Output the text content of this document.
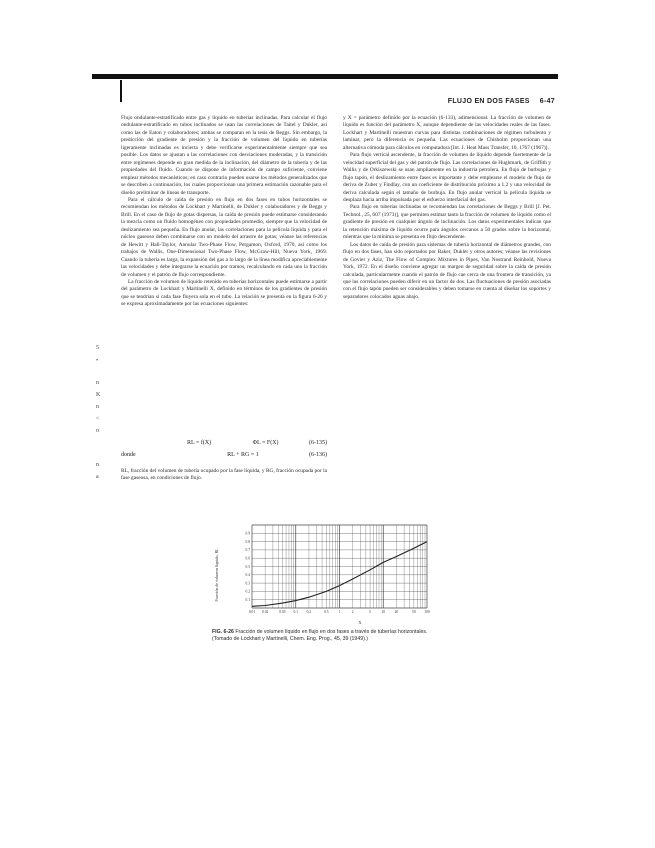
FLUJO EN DOS FASES 6-47

Flujo ondulante-estratificado entre gas y líquido en tuberías inclinadas. Para calcular el flujo ondulante-estratificado en tubos inclinados se usan las correlaciones de Taitel y Dukler, así como las de Eaton y colaboradores; ambas se comparan en la tesis de Beggs. Sin embargo, la predicción del gradiente de presión y la fracción de volumen del líquido en tuberías ligeramente inclinadas es incierta y debe verificarse experimentalmente siempre que sea posible. Los datos se ajustan a las correlaciones con desviaciones moderadas, y la transición entre regímenes depende en gran medida de la inclinación, del diámetro de la tubería y de las propiedades del fluido. Cuando se dispone de información de campo suficiente, conviene emplear métodos mecanísticos; en caso contrario pueden usarse los métodos generalizados que se describen a continuación, los cuales proporcionan una primera estimación razonable para el diseño preliminar de líneas de transporte.

Para el cálculo de caída de presión en flujo en dos fases en tubos horizontales se recomiendan los métodos de Lockhart y Martinelli, de Dukler y colaboradores y de Beggs y Brill. En el caso de flujo de gotas dispersas, la caída de presión puede estimarse considerando la mezcla como un fluido homogéneo con propiedades promedio, siempre que la velocidad de deslizamiento sea pequeña. En flujo anular, las correlaciones para la película líquida y para el núcleo gaseoso deben combinarse con un modelo del arrastre de gotas; véanse las referencias de Hewitt y Hall-Taylor, Annular Two-Phase Flow, Pergamon, Oxford, 1970, así como los trabajos de Wallis, One-Dimensional Two-Phase Flow, McGraw-Hill, Nueva York, 1969. Cuando la tubería es larga, la expansión del gas a lo largo de la línea modifica apreciablemente las velocidades y debe integrarse la ecuación por tramos, recalculando en cada uno la fracción de volumen y el patrón de flujo correspondiente.

La fracción de volumen de líquido retenido en tuberías horizontales puede estimarse a partir del parámetro de Lockhart y Martinelli X, definido en términos de los gradientes de presión que se tendrían si cada fase fluyera sola en el tubo. La relación se presenta en la figura 6-26 y se expresa aproximadamente por las ecuaciones siguientes:

RL = f(X)	ΦL = F(X)	(6-135)
donde	RL + RG = 1	(6-136)

RL, fracción del volumen de tubería ocupado por la fase líquida, y RG, fracción ocupada por la fase gaseosa, en condiciones de flujo.

y X = parámetro definido por la ecuación (6-133), adimensional. La fracción de volumen de líquido es función del parámetro X, aunque dependiente de las velocidades reales de las fases. Lockhart y Martinelli muestran curvas para distintas combinaciones de régimen turbulento y laminar, pero la diferencia es pequeña. Las ecuaciones de Chisholm proporcionan una alternativa cómoda para cálculos en computadora [Int. J. Heat Mass Transfer, 10, 1767 (1967)].

Para flujo vertical ascendente, la fracción de volumen de líquido depende fuertemente de la velocidad superficial del gas y del patrón de flujo. Las correlaciones de Hughmark, de Griffith y Wallis y de Orkiszewski se usan ampliamente en la industria petrolera. En flujo de burbujas y flujo tapón, el deslizamiento entre fases es importante y debe emplearse el modelo de flujo de deriva de Zuber y Findlay, con un coeficiente de distribución próximo a 1.2 y una velocidad de deriva calculada según el tamaño de burbuja. En flujo anular vertical la película líquida se desplaza hacia arriba impulsada por el esfuerzo interfacial del gas.

Para flujo en tuberías inclinadas se recomiendan las correlaciones de Beggs y Brill [J. Pet. Technol., 25, 607 (1973)], que permiten estimar tanto la fracción de volumen de líquido como el gradiente de presión en cualquier ángulo de inclinación. Los datos experimentales indican que la retención máxima de líquido ocurre para ángulos cercanos a 50 grados sobre la horizontal, mientras que la mínima se presenta en flujo descendente.

Los datos de caída de presión para sistemas de tubería horizontal de diámetros grandes, con flujo en dos fases, han sido reportados por Baker, Dukler y otros autores; véanse las revisiones de Govier y Aziz, The Flow of Complex Mixtures in Pipes, Van Nostrand Reinhold, Nueva York, 1972. En el diseño conviene agregar un margen de seguridad sobre la caída de presión calculada, particularmente cuando el patrón de flujo cae cerca de una frontera de transición, ya que las correlaciones pueden diferir en un factor de dos. Las fluctuaciones de presión asociadas con el flujo tapón pueden ser considerables y deben tomarse en cuenta al diseñar los soportes y separadores colocados aguas abajo.

5
•
n
K
n
<
o
n
a
0.9
0.8
0.7
0.6
0.5
0.4
0.3
0.2
0.1
0.01 0.02	0.05 0.1 0.2	0.5	1	2	5	10	20	50 100
Fracción de volumen líquido, RL
X
FIG. 6-26 Fracción de volumen líquido en flujo en dos fases a través de tuberías horizontales.
(Tomado de Lockhart y Martinelli, Chem. Eng. Prog., 45, 39 (1949).)
